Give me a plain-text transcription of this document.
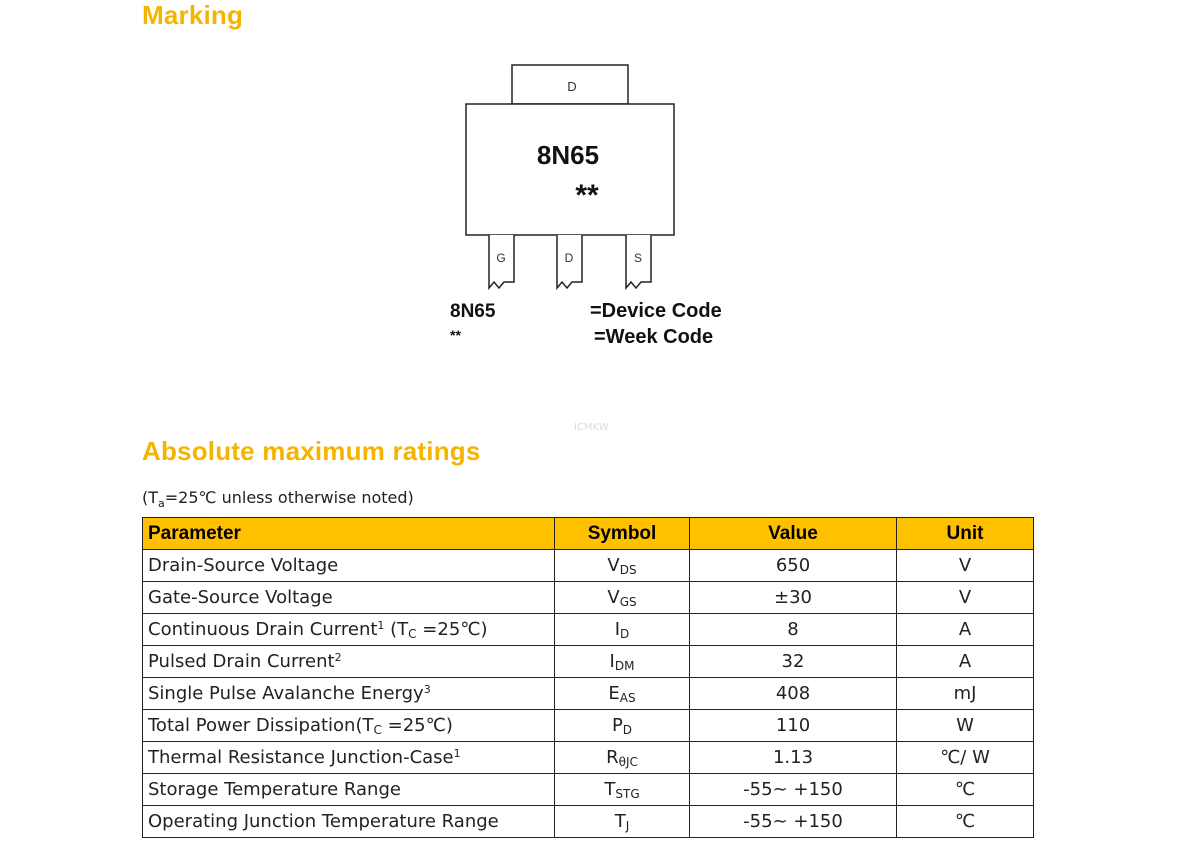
Marking
D
8N65
**
G	D	S
8N65	=Device Code
**	=Week Code
ICMKW
Absolute maximum ratings
($T_a=25℃$ unless otherwise noted)
Parameter	Symbol	Value	Unit
Drain-Source Voltage	$V_{DS}$	650	V
Gate-Source Voltage	$V_{GS}$	±30	V
Continuous Drain Current$^1$ ($T_C$ =25℃)	$I_D$	8	A
Pulsed Drain Current$^2$	$I_{DM}$	32	A
Single Pulse Avalanche Energy$^3$	$E_{AS}$	408	mJ
Total Power $Dissipation(T_C$ =25℃)	$P_D$	110	W
Thermal Resistance Junction-Case$^1$	$R_{\theta JC}$	1.13	℃/ W
Storage Temperature Range	$T_{STG}$	-55~ +150	℃
Operating Junction Temperature Range	$T_J$	-55~ +150	℃
